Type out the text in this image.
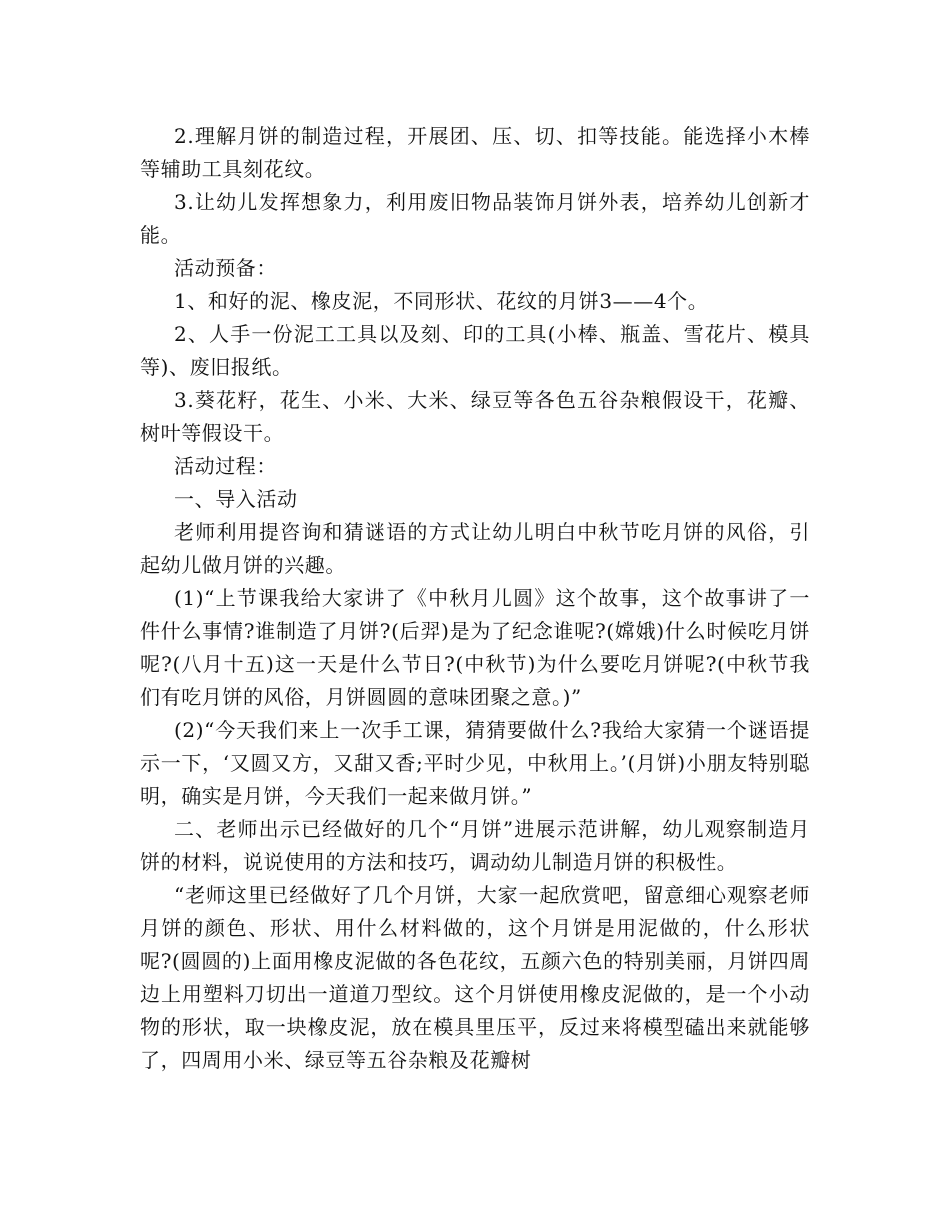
2.理解月饼的制造过程，开展团、压、切、扣等技能。能选择小木棒等辅助工具刻花纹。

3.让幼儿发挥想象力，利用废旧物品装饰月饼外表，培养幼儿创新才能。

活动预备：

1、和好的泥、橡皮泥，不同形状、花纹的月饼3——4个。

2、人手一份泥工工具以及刻、印的工具(小棒、瓶盖、雪花片、模具等)、废旧报纸。

3.葵花籽，花生、小米、大米、绿豆等各色五谷杂粮假设干，花瓣、树叶等假设干。

活动过程：

一、导入活动

老师利用提咨询和猜谜语的方式让幼儿明白中秋节吃月饼的风俗，引起幼儿做月饼的兴趣。

(1)“上节课我给大家讲了《中秋月儿圆》这个故事，这个故事讲了一件什么事情?谁制造了月饼?(后羿)是为了纪念谁呢?(嫦娥)什么时候吃月饼呢?(八月十五)这一天是什么节日?(中秋节)为什么要吃月饼呢?(中秋节我们有吃月饼的风俗，月饼圆圆的意味团聚之意。)”

(2)“今天我们来上一次手工课，猜猜要做什么?我给大家猜一个谜语提示一下，‘又圆又方，又甜又香;平时少见，中秋用上。’(月饼)小朋友特别聪明，确实是月饼，今天我们一起来做月饼。”

二、老师出示已经做好的几个“月饼”进展示范讲解，幼儿观察制造月饼的材料，说说使用的方法和技巧，调动幼儿制造月饼的积极性。

“老师这里已经做好了几个月饼，大家一起欣赏吧，留意细心观察老师月饼的颜色、形状、用什么材料做的，这个月饼是用泥做的，什么形状呢?(圆圆的)上面用橡皮泥做的各色花纹，五颜六色的特别美丽，月饼四周边上用塑料刀切出一道道刀型纹。这个月饼使用橡皮泥做的，是一个小动物的形状，取一块橡皮泥，放在模具里压平，反过来将模型磕出来就能够了，四周用小米、绿豆等五谷杂粮及花瓣树
